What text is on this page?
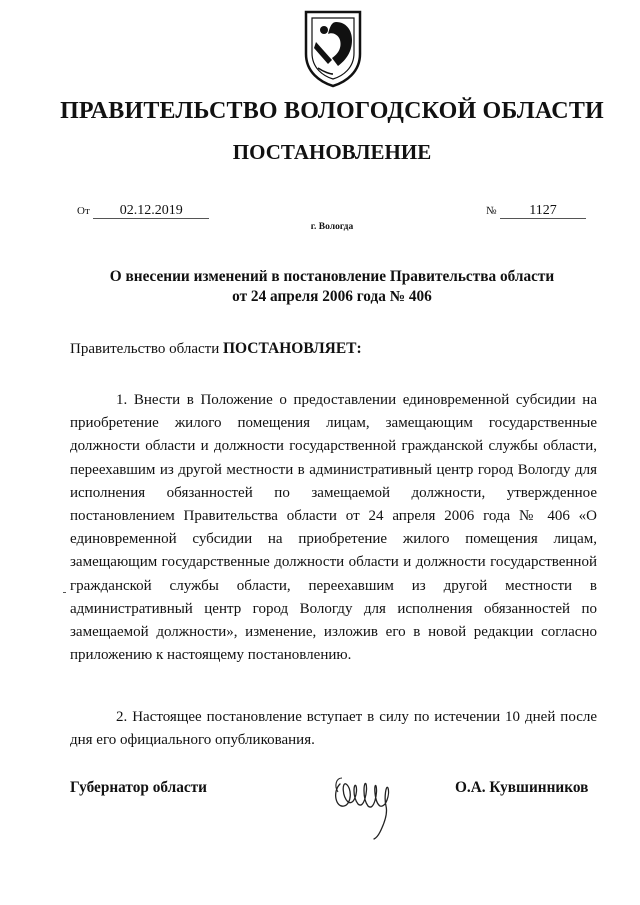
ПРАВИТЕЛЬСТВО ВОЛОГОДСКОЙ ОБЛАСТИ
ПОСТАНОВЛЕНИЕ
От 02.12.2019	№ 1127
г. Вологда
О внесении изменений в постановление Правительства области
от 24 апреля 2006 года № 406
Правительство области ПОСТАНОВЛЯЕТ:

1. Внести в Положение о предоставлении единовременной субсидии на приобретение жилого помещения лицам, замещающим государственные должности области и должности государственной гражданской службы области, переехавшим из другой местности в административный центр город Вологду для исполнения обязанностей по замещаемой должности, утвержденное постановлением Правительства области от 24 апреля 2006 года № 406 «О единовременной субсидии на приобретение жилого помещения лицам, замещающим государственные должности области и должности государственной гражданской службы области, переехавшим из другой местности в административный центр город Вологду для исполнения обязанностей по замещаемой должности», изменение, изложив его в новой редакции согласно приложению к настоящему постановлению.

2. Настоящее постановление вступает в силу по истечении 10 дней после дня его официального опубликования.

Губернатор области	О.А. Кувшинников
